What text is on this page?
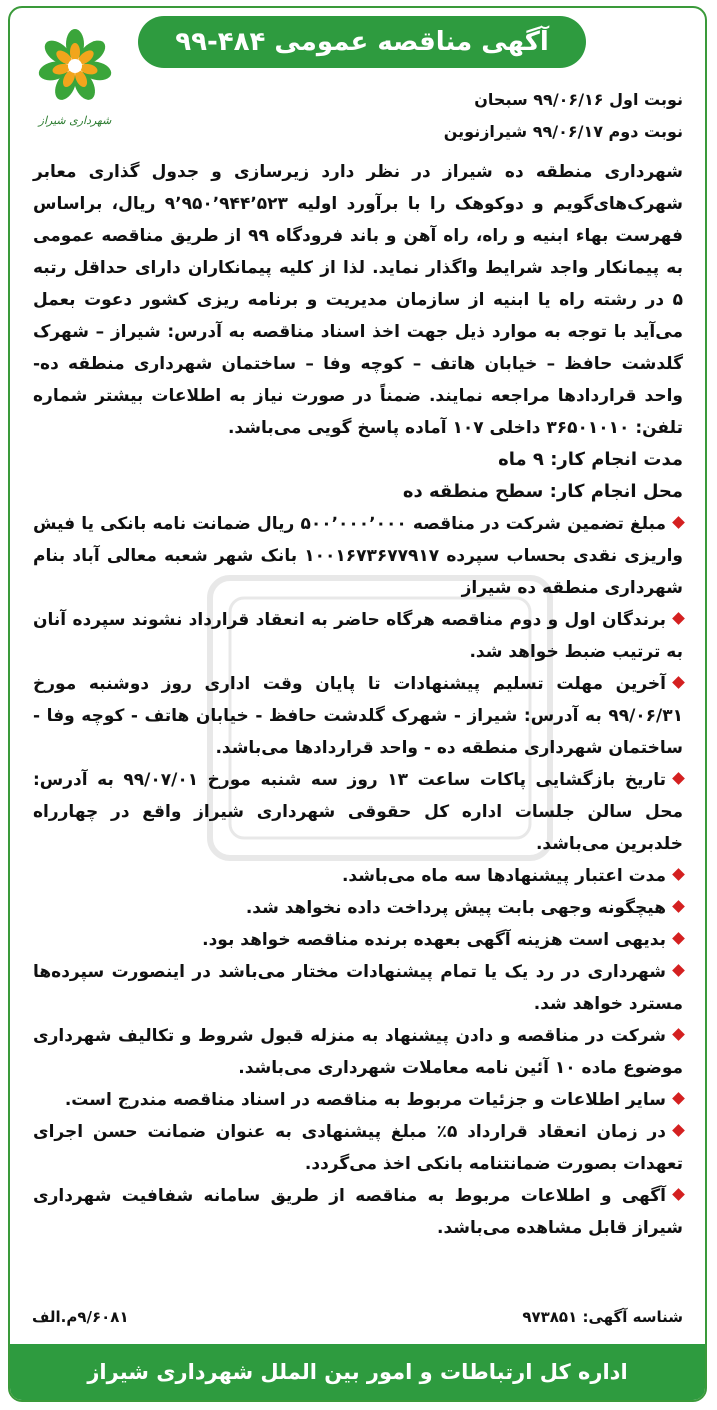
آگهی مناقصه عمومی ۴۸۴-۹۹
شهرداری شیراز
نوبت اول ۹۹/۰۶/۱۶ سبحان
نوبت دوم ۹۹/۰۶/۱۷ شیرازنوین

شهرداری منطقه ده شیراز در نظر دارد زیرسازی و جدول گذاری معابر شهرک‌های‌گویم و دوکوهک را با برآورد اولیه ۹٬۹۵۰٬۹۴۴٬۵۲۳ ریال، براساس فهرست بهاء ابنیه و راه، راه آهن و باند فرودگاه ۹۹ از طریق مناقصه عمومی به پیمانکار واجد شرایط واگذار نماید. لذا از کلیه پیمانکاران دارای حداقل رتبه ۵ در رشته راه یا ابنیه از سازمان مدیریت و برنامه ریزی کشور دعوت بعمل می‌آید با توجه به موارد ذیل جهت اخذ اسناد مناقصه به آدرس: شیراز – شهرک گلدشت حافظ – خیابان هاتف – کوچه وفا – ساختمان شهرداری منطقه ده- واحد قراردادها مراجعه نمایند. ضمناً در صورت نیاز به اطلاعات بیشتر شماره تلفن: ۳۶۵۰۱۰۱۰ داخلی ۱۰۷ آماده پاسخ گویی می‌باشد.

مدت انجام کار: ۹ ماه

محل انجام کار: سطح منطقه ده

مبلغ تضمین شرکت در مناقصه ۵۰۰٬۰۰۰٬۰۰۰ ریال ضمانت نامه بانکی یا فیش واریزی نقدی بحساب سپرده ۱۰۰۱۶۷۳۶۷۷۹۱۷ بانک شهر شعبه معالی آباد بنام شهرداری منطقه ده شیراز
برندگان اول و دوم مناقصه هرگاه حاضر به انعقاد قرارداد نشوند سپرده آنان به ترتیب ضبط خواهد شد.
آخرین مهلت تسلیم پیشنهادات تا پایان وقت اداری روز دوشنبه مورخ ۹۹/۰۶/۳۱ به آدرس: شیراز - شهرک گلدشت حافظ - خیابان هاتف - کوچه وفا - ساختمان شهرداری منطقه ده - واحد قراردادها می‌باشد.
تاریخ بازگشایی پاکات ساعت ۱۳ روز سه شنبه مورخ ۹۹/۰۷/۰۱ به آدرس: محل سالن جلسات اداره کل حقوقی شهرداری شیراز واقع در چهارراه خلدبرین می‌باشد.
مدت اعتبار پیشنهادها سه ماه می‌باشد.
هیچگونه وجهی بابت پیش پرداخت داده نخواهد شد.
بدیهی است هزینه آگهی بعهده برنده مناقصه خواهد بود.
شهرداری در رد یک یا تمام پیشنهادات مختار می‌باشد در اینصورت سپرده‌ها مسترد خواهد شد.
شرکت در مناقصه و دادن پیشنهاد به منزله قبول شروط و تکالیف شهرداری موضوع ماده ۱۰ آئین نامه معاملات شهرداری می‌باشد.
سایر اطلاعات و جزئیات مربوط به مناقصه در اسناد مناقصه مندرج است.
در زمان انعقاد قرارداد ۵٪ مبلغ پیشنهادی به عنوان ضمانت حسن اجرای تعهدات بصورت ضمانتنامه بانکی اخذ می‌گردد.
آگهی و اطلاعات مربوط به مناقصه از طریق سامانه شفافیت شهرداری شیراز قابل مشاهده می‌باشد.
شناسه آگهی: ۹۷۳۸۵۱
۹/۶۰۸۱م.الف
اداره کل ارتباطات و امور بین الملل شهرداری شیراز
